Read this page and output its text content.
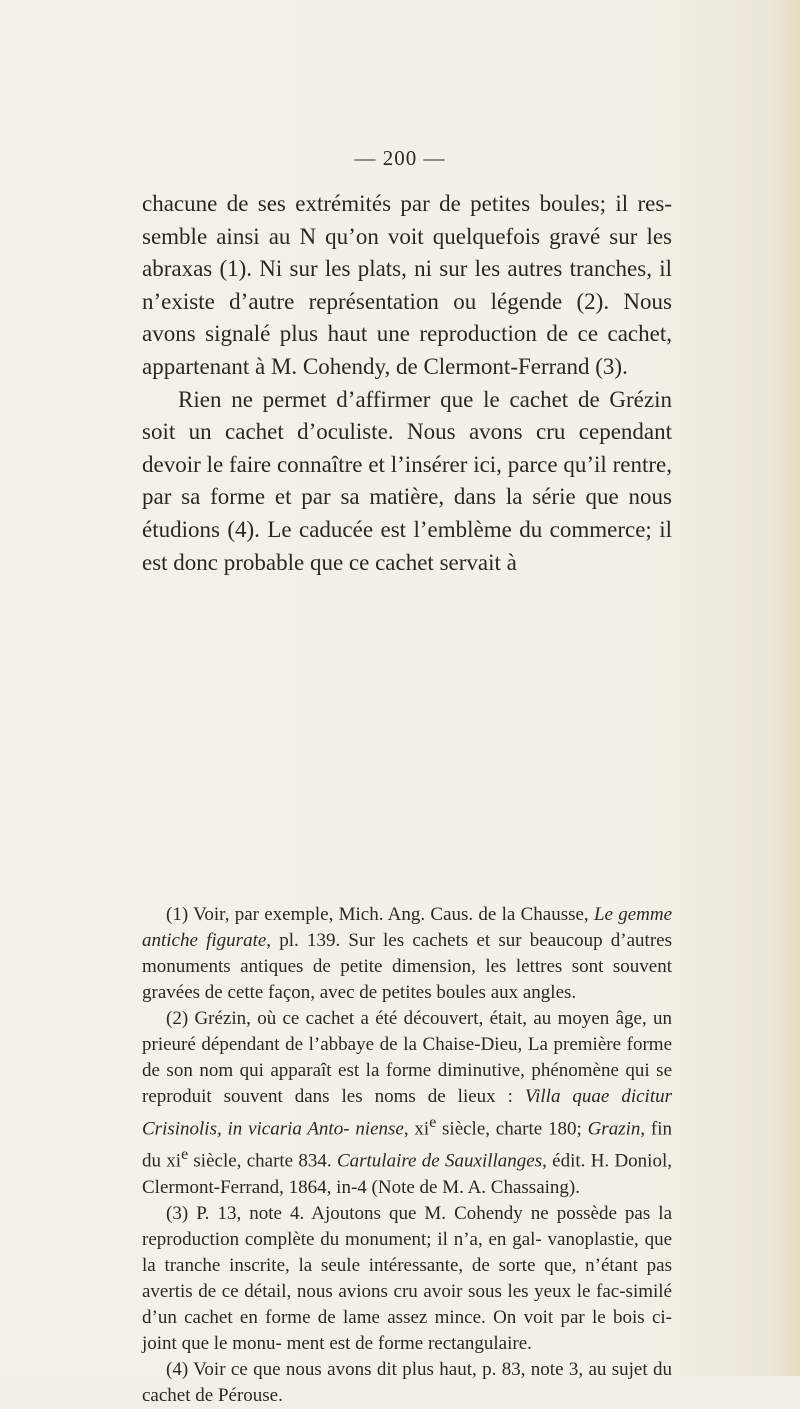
— 200 —

chacune de ses extrémités par de petites boules; il res- semble ainsi au N qu’on voit quelquefois gravé sur les abraxas (1). Ni sur les plats, ni sur les autres tranches, il n’existe d’autre représentation ou légende (2). Nous avons signalé plus haut une reproduction de ce cachet, appartenant à M. Cohendy, de Clermont-Ferrand (3).

Rien ne permet d’affirmer que le cachet de Grézin soit un cachet d’oculiste. Nous avons cru cependant devoir le faire connaître et l’insérer ici, parce qu’il rentre, par sa forme et par sa matière, dans la série que nous étudions (4). Le caducée est l’emblème du commerce; il est donc probable que ce cachet servait à

(1) Voir, par exemple, Mich. Ang. Caus. de la Chausse, Le gemme antiche figurate, pl. 139. Sur les cachets et sur beaucoup d’autres monuments antiques de petite dimension, les lettres sont souvent gravées de cette façon, avec de petites boules aux angles.

(2) Grézin, où ce cachet a été découvert, était, au moyen âge, un prieuré dépendant de l’abbaye de la Chaise-Dieu, La première forme de son nom qui apparaît est la forme diminutive, phénomène qui se reproduit souvent dans les noms de lieux : Villa quae dicitur Crisinolis, in vicaria Anto- niense, $xi^e$ siècle, charte 180; Grazin, fin du $xi^e$ siècle, charte 834. Cartulaire de Sauxillanges, édit. H. Doniol, Clermont-Ferrand, 1864, in-4 (Note de M. A. Chassaing).

(3) P. 13, note 4. Ajoutons que M. Cohendy ne possède pas la reproduction complète du monument; il n’a, en gal- vanoplastie, que la tranche inscrite, la seule intéressante, de sorte que, n’étant pas avertis de ce détail, nous avions cru avoir sous les yeux le fac-similé d’un cachet en forme de lame assez mince. On voit par le bois ci-joint que le monu- ment est de forme rectangulaire.

(4) Voir ce que nous avons dit plus haut, p. 83, note 3, au sujet du cachet de Pérouse.
